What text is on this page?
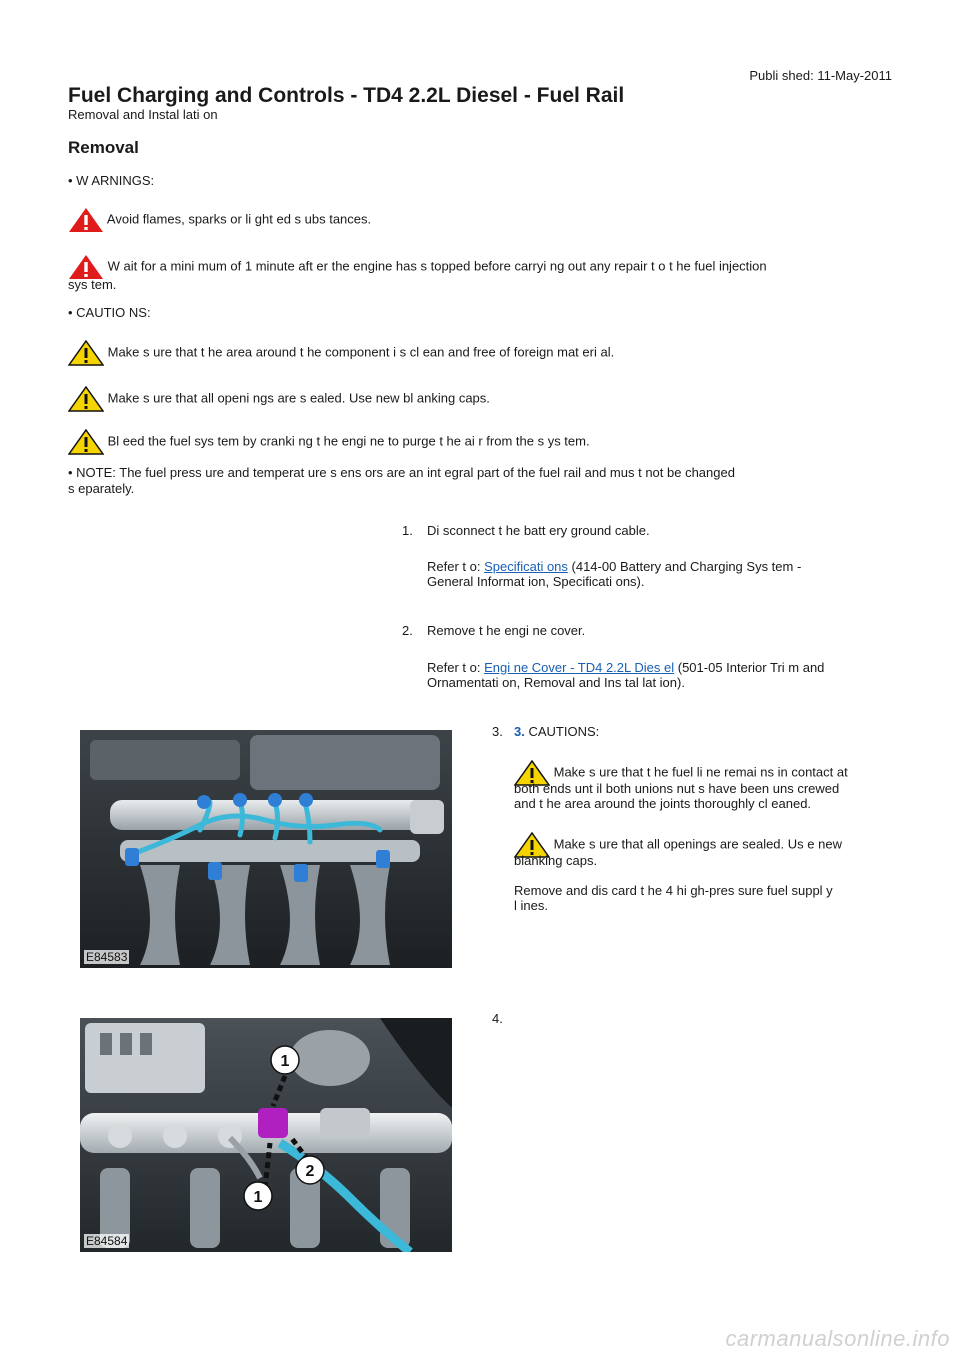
Publi shed: 11-May-2011
Fuel Charging and Controls - TD4 2.2L Diesel - Fuel Rail
Removal and Instal lati on
Removal
• W ARNINGS:
Avoid flames, sparks or li ght ed s ubs tances.
W ait for a mini mum of 1 minute aft er the engine has s topped before carryi ng out any repair t o t he fuel injection
sys tem.
• CAUTIO NS:
Make s ure that t he area around t he component i s cl ean and free of foreign mat eri al.
Make s ure that all openi ngs are s ealed. Use new bl anking caps.
Bl eed the fuel sys tem by cranki ng t he engi ne to purge t he ai r from the s ys tem.
• NOTE: The fuel press ure and temperat ure s ens ors are an int egral part of the fuel rail and mus t not be changed
s eparately.
1. Di sconnect t he batt ery ground cable.
Refer t o: Specificati ons (414-00 Battery and Charging Sys tem -
General Informat ion, Specificati ons).
2. Remove t he engi ne cover.
Refer t o: Engi ne Cover - TD4 2.2L Dies el (501-05 Interior Tri m and
Ornamentati on, Removal and Ins tal lat ion).
3. 3. CAUTIONS:
Make s ure that t he fuel li ne remai ns in contact at
both ends unt il both unions nut s have been uns crewed
and t he area around the joints thoroughly cl eaned.
Make s ure that all openings are sealed. Us e new
blanking caps.
Remove and dis card t he 4 hi gh-pres sure fuel suppl y
l ines.
E84583
4.
1
2
1
E84584
carmanualsonline.info
